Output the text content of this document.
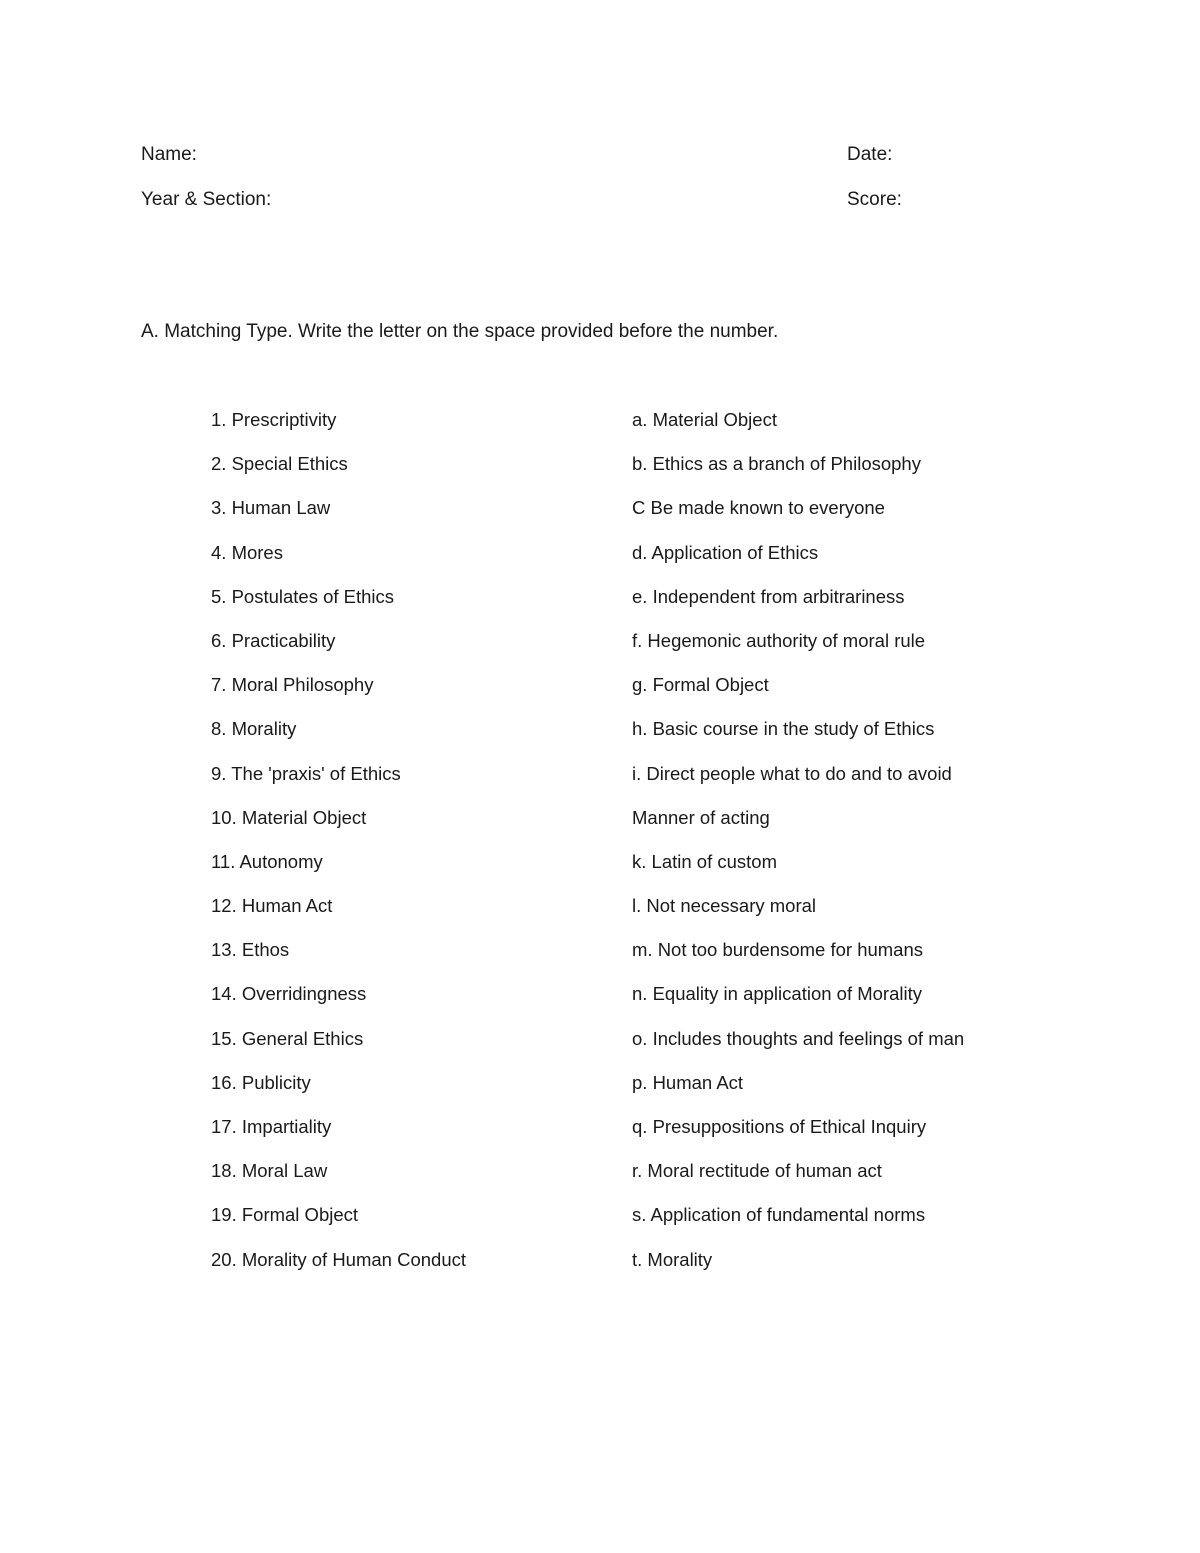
Name:	Date:
Year & Section:	Score:
A. Matching Type. Write the letter on the space provided before the number.
1. Prescriptivity
2. Special Ethics
3. Human Law
4. Mores
5. Postulates of Ethics
6. Practicability
7. Moral Philosophy
8. Morality
9. The 'praxis' of Ethics
10. Material Object
11. Autonomy
12. Human Act
13. Ethos
14. Overridingness
15. General Ethics
16. Publicity
17. Impartiality
18. Moral Law
19. Formal Object
20. Morality of Human Conduct
a. Material Object
b. Ethics as a branch of Philosophy
C Be made known to everyone
d. Application of Ethics
e. Independent from arbitrariness
f. Hegemonic authority of moral rule
g. Formal Object
h. Basic course in the study of Ethics
i. Direct people what to do and to avoid
Manner of acting
k. Latin of custom
l. Not necessary moral
m. Not too burdensome for humans
n. Equality in application of Morality
o. Includes thoughts and feelings of man
p. Human Act
q. Presuppositions of Ethical Inquiry
r. Moral rectitude of human act
s. Application of fundamental norms
t. Morality
